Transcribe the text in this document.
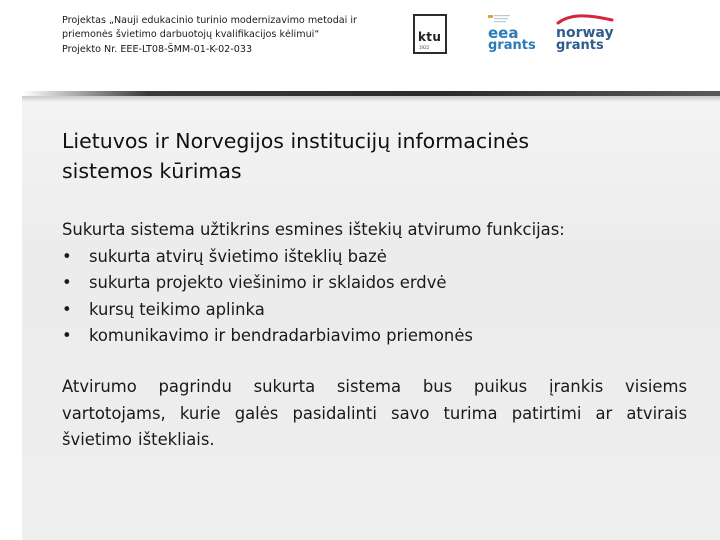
Projektas „Nauji edukacinio turinio modernizavimo metodai ir
priemonės švietimo darbuotojų kvalifikacijos kėlimui“
Projekto Nr. EEE-LT08-ŠMM-01-K-02-033
ktu
1922
eea
grants
norway
grants
Lietuvos ir Norvegijos institucijų informacinės
sistemos kūrimas
Sukurta sistema užtikrins esmines ištekių atvirumo funkcijas:
• sukurta atvirų švietimo išteklių bazė
• sukurta projekto viešinimo ir sklaidos erdvė
• kursų teikimo aplinka
• komunikavimo ir bendradarbiavimo priemonės
Atvirumo pagrindu sukurta sistema bus puikus įrankis visiems vartotojams, kurie galės pasidalinti savo turima patirtimi ar atvirais švietimo ištekliais.
